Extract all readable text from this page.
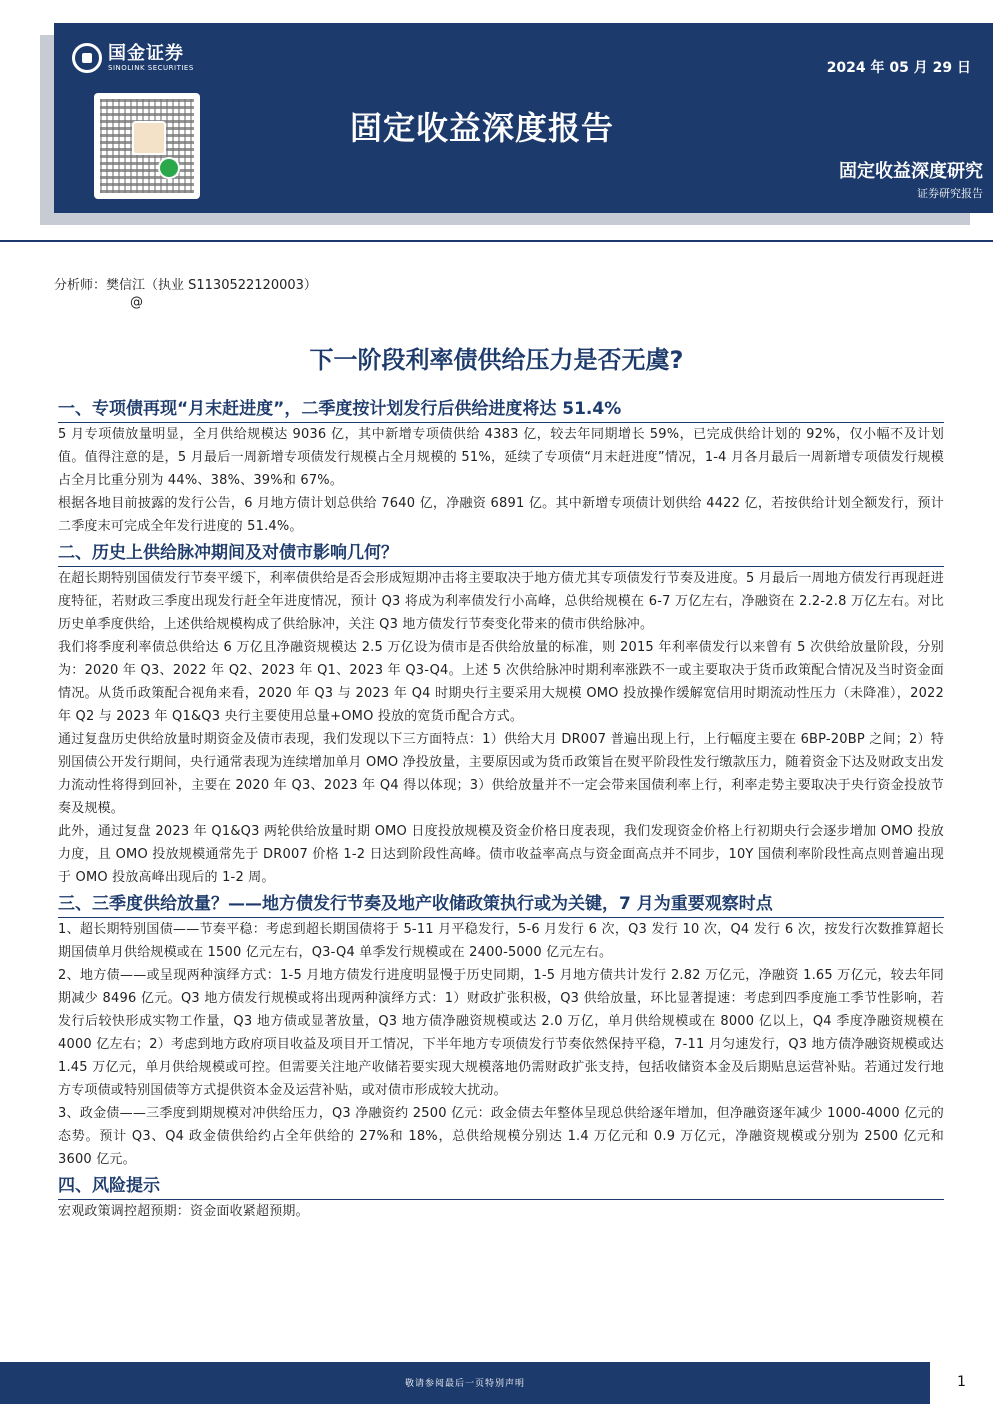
国金证券
SINOLINK SECURITIES	2024 年 05 月 29 日
固定收益深度报告
固定收益深度研究
证券研究报告
分析师：樊信江（执业 S1130522120003）
@
下一阶段利率债供给压力是否无虞?
一、专项债再现“月末赶进度”，二季度按计划发行后供给进度将达 51.4%
5 月专项债放量明显，全月供给规模达 9036 亿，其中新增专项债供给 4383 亿，较去年同期增长 59%，已完成供给计划的 92%，仅小幅不及计划值。值得注意的是，5 月最后一周新增专项债发行规模占全月规模的 51%，延续了专项债“月末赶进度”情况，1-4 月各月最后一周新增专项债发行规模占全月比重分别为 44%、38%、39%和 67%。
根据各地目前披露的发行公告，6 月地方债计划总供给 7640 亿，净融资 6891 亿。其中新增专项债计划供给 4422 亿，若按供给计划全额发行，预计二季度末可完成全年发行进度的 51.4%。
二、历史上供给脉冲期间及对债市影响几何？
在超长期特别国债发行节奏平缓下，利率债供给是否会形成短期冲击将主要取决于地方债尤其专项债发行节奏及进度。5 月最后一周地方债发行再现赶进度特征，若财政三季度出现发行赶全年进度情况，预计 Q3 将成为利率债发行小高峰，总供给规模在 6-7 万亿左右，净融资在 2.2-2.8 万亿左右。对比历史单季度供给，上述供给规模构成了供给脉冲，关注 Q3 地方债发行节奏变化带来的债市供给脉冲。
我们将季度利率债总供给达 6 万亿且净融资规模达 2.5 万亿设为债市是否供给放量的标准，则 2015 年利率债发行以来曾有 5 次供给放量阶段，分别为：2020 年 Q3、2022 年 Q2、2023 年 Q1、2023 年 Q3-Q4。上述 5 次供给脉冲时期利率涨跌不一或主要取决于货币政策配合情况及当时资金面情况。从货币政策配合视角来看，2020 年 Q3 与 2023 年 Q4 时期央行主要采用大规模 OMO 投放操作缓解宽信用时期流动性压力（未降准），2022 年 Q2 与 2023 年 Q1&Q3 央行主要使用总量+OMO 投放的宽货币配合方式。
通过复盘历史供给放量时期资金及债市表现，我们发现以下三方面特点：1）供给大月 DR007 普遍出现上行，上行幅度主要在 6BP-20BP 之间；2）特别国债公开发行期间，央行通常表现为连续增加单月 OMO 净投放量，主要原因或为货币政策旨在熨平阶段性发行缴款压力，随着资金下达及财政支出发力流动性将得到回补，主要在 2020 年 Q3、2023 年 Q4 得以体现；3）供给放量并不一定会带来国债利率上行，利率走势主要取决于央行资金投放节奏及规模。
此外，通过复盘 2023 年 Q1&Q3 两轮供给放量时期 OMO 日度投放规模及资金价格日度表现，我们发现资金价格上行初期央行会逐步增加 OMO 投放力度，且 OMO 投放规模通常先于 DR007 价格 1-2 日达到阶段性高峰。债市收益率高点与资金面高点并不同步，10Y 国债利率阶段性高点则普遍出现于 OMO 投放高峰出现后的 1-2 周。
三、三季度供给放量？——地方债发行节奏及地产收储政策执行或为关键，7 月为重要观察时点
1、超长期特别国债——节奏平稳：考虑到超长期国债将于 5-11 月平稳发行，5-6 月发行 6 次，Q3 发行 10 次，Q4 发行 6 次，按发行次数推算超长期国债单月供给规模或在 1500 亿元左右，Q3-Q4 单季发行规模或在 2400-5000 亿元左右。
2、地方债——或呈现两种演绎方式：1-5 月地方债发行进度明显慢于历史同期，1-5 月地方债共计发行 2.82 万亿元，净融资 1.65 万亿元，较去年同期减少 8496 亿元。Q3 地方债发行规模或将出现两种演绎方式：1）财政扩张积极，Q3 供给放量，环比显著提速：考虑到四季度施工季节性影响，若发行后较快形成实物工作量，Q3 地方债或显著放量，Q3 地方债净融资规模或达 2.0 万亿，单月供给规模或在 8000 亿以上，Q4 季度净融资规模在 4000 亿左右；2）考虑到地方政府项目收益及项目开工情况，下半年地方专项债发行节奏依然保持平稳，7-11 月匀速发行，Q3 地方债净融资规模或达 1.45 万亿元，单月供给规模或可控。但需要关注地产收储若要实现大规模落地仍需财政扩张支持，包括收储资本金及后期贴息运营补贴。若通过发行地方专项债或特别国债等方式提供资本金及运营补贴，或对债市形成较大扰动。
3、政金债——三季度到期规模对冲供给压力，Q3 净融资约 2500 亿元：政金债去年整体呈现总供给逐年增加，但净融资逐年减少 1000-4000 亿元的态势。预计 Q3、Q4 政金债供给约占全年供给的 27%和 18%，总供给规模分别达 1.4 万亿元和 0.9 万亿元，净融资规模或分别为 2500 亿元和 3600 亿元。
四、风险提示
宏观政策调控超预期：资金面收紧超预期。
敬请参阅最后一页特别声明	1
